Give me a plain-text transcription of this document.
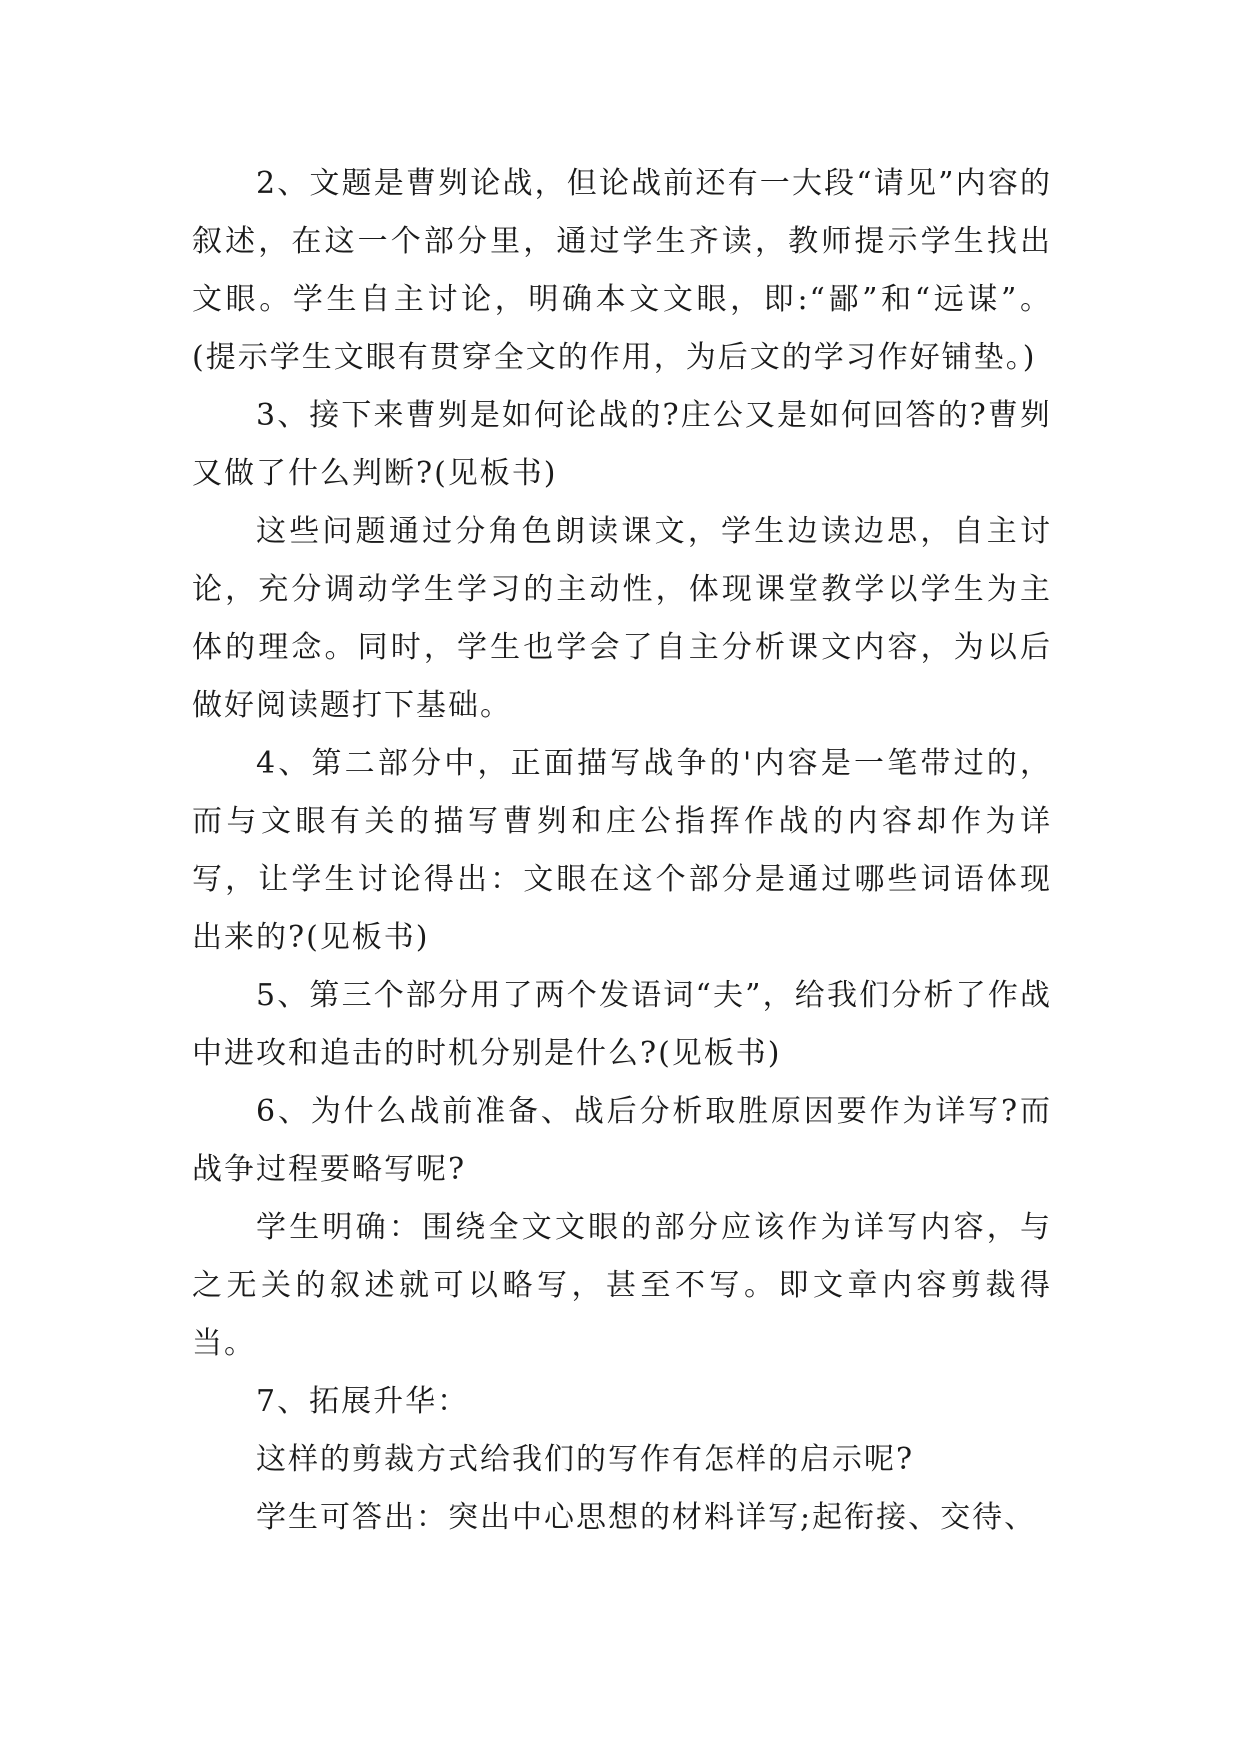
2、文题是曹刿论战，但论战前还有一大段“请见”内容的叙述，在这一个部分里，通过学生齐读，教师提示学生找出文眼。学生自主讨论，明确本文文眼，即:“鄙”和“远谋”。(提示学生文眼有贯穿全文的作用，为后文的学习作好铺垫。)

3、接下来曹刿是如何论战的?庄公又是如何回答的?曹刿又做了什么判断?(见板书)

这些问题通过分角色朗读课文，学生边读边思，自主讨论，充分调动学生学习的主动性，体现课堂教学以学生为主体的理念。同时，学生也学会了自主分析课文内容，为以后做好阅读题打下基础。

4、第二部分中，正面描写战争的'内容是一笔带过的，而与文眼有关的描写曹刿和庄公指挥作战的内容却作为详写，让学生讨论得出：文眼在这个部分是通过哪些词语体现出来的?(见板书)

5、第三个部分用了两个发语词“夫”，给我们分析了作战中进攻和追击的时机分别是什么?(见板书)

6、为什么战前准备、战后分析取胜原因要作为详写?而战争过程要略写呢?

学生明确：围绕全文文眼的部分应该作为详写内容，与之无关的叙述就可以略写，甚至不写。即文章内容剪裁得当。

7、拓展升华：

这样的剪裁方式给我们的写作有怎样的启示呢?

学生可答出：突出中心思想的材料详写;起衔接、交待、
